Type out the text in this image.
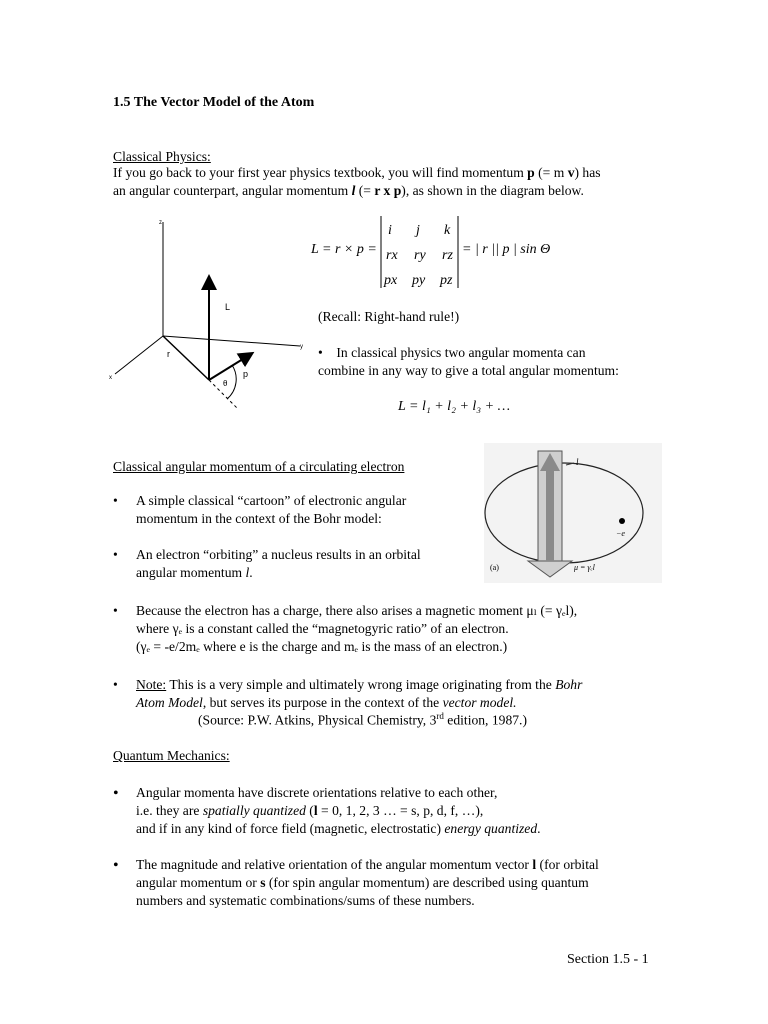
1.5 The Vector Model of the Atom
Classical Physics:
If you go back to your first year physics textbook, you will find momentum p (= m v) has
an angular counterpart, angular momentum l (= r x p), as shown in the diagram below.
z
y
x
L
r
p
θ
L = r × p =
i j k
rx ry rz
px py pz
= | r || p | sin Θ
(Recall: Right-hand rule!)
•    In classical physics two angular momenta can
combine in any way to give a total angular momentum:
L = l₁ + l₂ + l₃ + …
Classical angular momentum of a circulating electron
•	A simple classical “cartoon” of electronic angular
momentum in the context of the Bohr model:
•	An electron “orbiting” a nucleus results in an orbital
angular momentum l.
l
−e
(a)	μ = γₑl
•	Because the electron has a charge, there also arises a magnetic moment μₗ (= γₑl),
where γₑ is a constant called the “magnetogyric ratio” of an electron.
(γₑ = -e/2mₑ where e is the charge and mₑ is the mass of an electron.)
•	Note: This is a very simple and ultimately wrong image originating from the Bohr
Atom Model, but serves its purpose in the context of the vector model.
(Source: P.W. Atkins, Physical Chemistry, 3rd edition, 1987.)
Quantum Mechanics:
•	Angular momenta have discrete orientations relative to each other,
i.e. they are spatially quantized (l = 0, 1, 2, 3 … = s, p, d, f, …),
and if in any kind of force field (magnetic, electrostatic) energy quantized.
•	The magnitude and relative orientation of the angular momentum vector l (for orbital
angular momentum or s (for spin angular momentum) are described using quantum
numbers and systematic combinations/sums of these numbers.
Section 1.5 - 1
